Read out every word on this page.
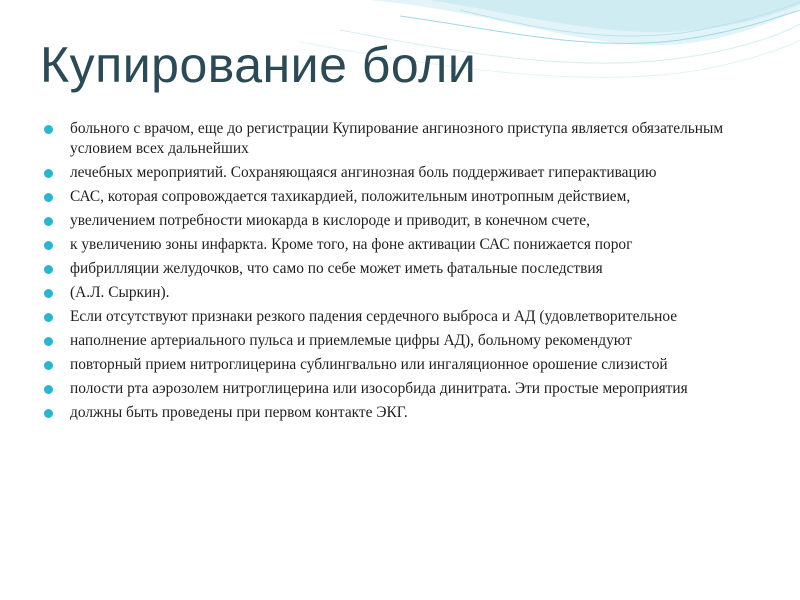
Купирование боли
больного с врачом, еще до регистрации Купирование ангинозного приступа является обязательным условием всех дальнейших
лечебных мероприятий. Сохраняющаяся ангинозная боль поддерживает гиперактивацию
САС, которая сопровождается тахикардией, положительным инотропным действием,
увеличением потребности миокарда в кислороде и приводит, в конечном счете,
к увеличению зоны инфаркта. Кроме того, на фоне активации САС понижается порог
фибрилляции желудочков, что само по себе может иметь фатальные последствия
(А.Л. Сыркин).
Если отсутствуют признаки резкого падения сердечного выброса и АД (удовлетворительное
наполнение артериального пульса и приемлемые цифры АД), больному рекомендуют
повторный прием нитроглицерина сублингвально или ингаляционное орошение слизистой
полости рта аэрозолем нитроглицерина или изосорбида динитрата. Эти простые мероприятия
должны быть проведены при первом контакте ЭКГ.
